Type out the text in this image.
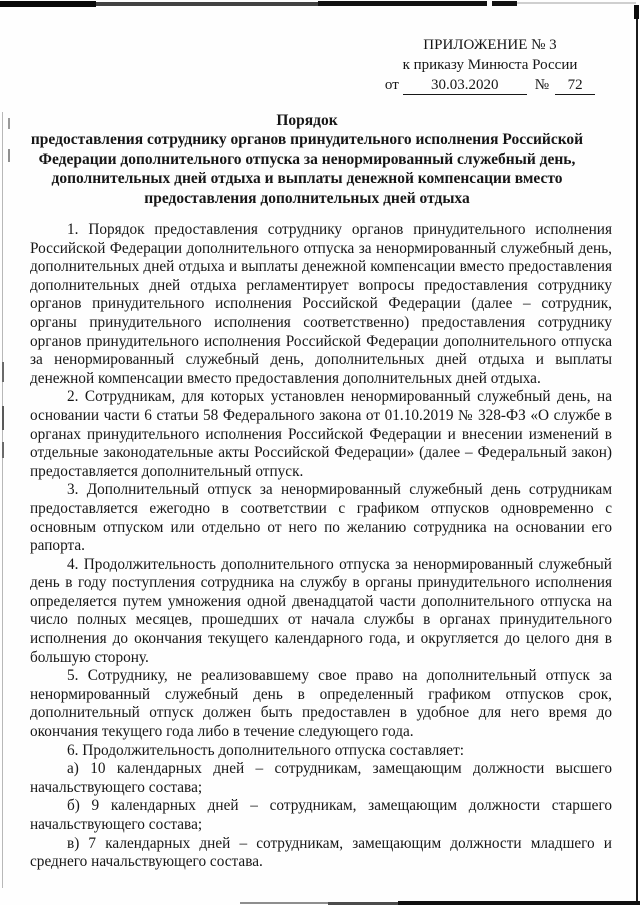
ПРИЛОЖЕНИЕ № 3
к приказу Минюста России
от 30.03.2020 № 72
Порядок
предоставления сотруднику органов принудительного исполнения Российской Федерации дополнительного отпуска за ненормированный служебный день, дополнительных дней отдыха и выплаты денежной компенсации вместо предоставления дополнительных дней отдыха

1. Порядок предоставления сотруднику органов принудительного исполнения Российской Федерации дополнительного отпуска за ненормированный служебный день, дополнительных дней отдыха и выплаты денежной компенсации вместо предоставления дополнительных дней отдыха регламентирует вопросы предоставления сотруднику органов принудительного исполнения Российской Федерации (далее – сотрудник, органы принудительного исполнения соответственно) предоставления сотруднику органов принудительного исполнения Российской Федерации дополнительного отпуска за ненормированный служебный день, дополнительных дней отдыха и выплаты денежной компенсации вместо предоставления дополнительных дней отдыха.

2. Сотрудникам, для которых установлен ненормированный служебный день, на основании части 6 статьи 58 Федерального закона от 01.10.2019 № 328-ФЗ «О службе в органах принудительного исполнения Российской Федерации и внесении изменений в отдельные законодательные акты Российской Федерации» (далее – Федеральный закон) предоставляется дополнительный отпуск.

3. Дополнительный отпуск за ненормированный служебный день сотрудникам предоставляется ежегодно в соответствии с графиком отпусков одновременно с основным отпуском или отдельно от него по желанию сотрудника на основании его рапорта.

4. Продолжительность дополнительного отпуска за ненормированный служебный день в году поступления сотрудника на службу в органы принудительного исполнения определяется путем умножения одной двенадцатой части дополнительного отпуска на число полных месяцев, прошедших от начала службы в органах принудительного исполнения до окончания текущего календарного года, и округляется до целого дня в большую сторону.

5. Сотруднику, не реализовавшему свое право на дополнительный отпуск за ненормированный служебный день в определенный графиком отпусков срок, дополнительный отпуск должен быть предоставлен в удобное для него время до окончания текущего года либо в течение следующего года.

6. Продолжительность дополнительного отпуска составляет:

а) 10 календарных дней – сотрудникам, замещающим должности высшего начальствующего состава;

б) 9 календарных дней – сотрудникам, замещающим должности старшего начальствующего состава;

в) 7 календарных дней – сотрудникам, замещающим должности младшего и среднего начальствующего состава.
